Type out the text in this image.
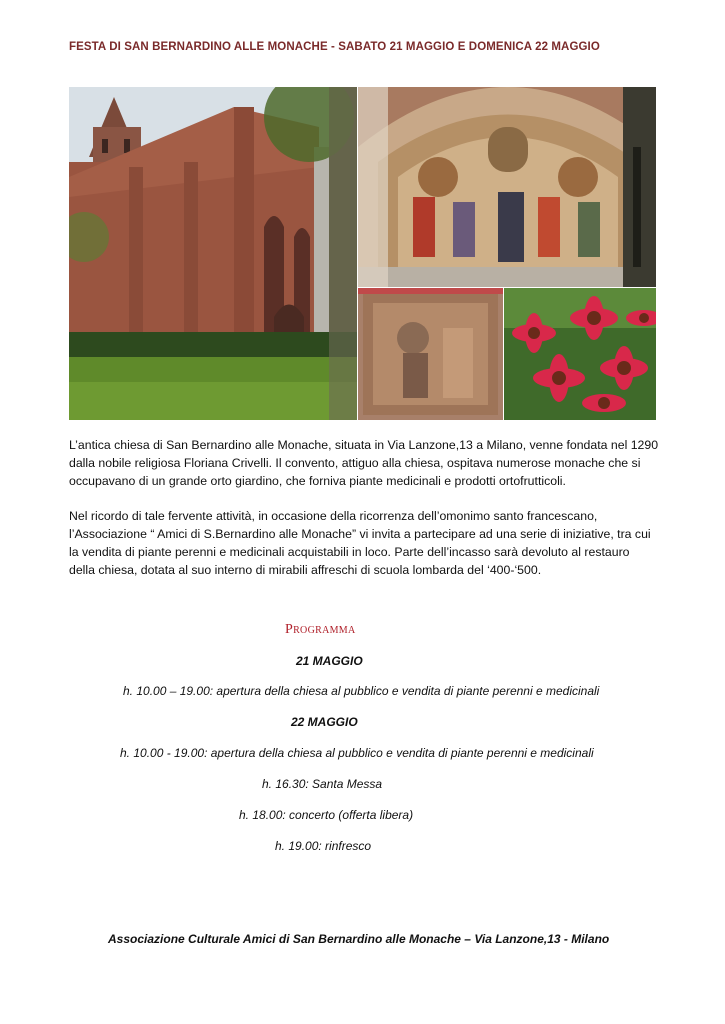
FESTA DI SAN BERNARDINO ALLE MONACHE - SABATO 21 MAGGIO E DOMENICA 22 MAGGIO

L’antica chiesa di San Bernardino alle Monache, situata in Via Lanzone,13 a Milano, venne fondata nel 1290
dalla nobile religiosa Floriana Crivelli. Il convento, attiguo alla chiesa, ospitava numerose monache che si
occupavano di un grande orto giardino, che forniva piante medicinali e prodotti ortofrutticoli.

Nel ricordo di tale fervente attività, in occasione della ricorrenza dell’omonimo santo francescano,
l’Associazione “ Amici di S.Bernardino alle Monache” vi invita a partecipare ad una serie di iniziative, tra cui
la vendita di piante perenni e medicinali acquistabili in loco. Parte dell’incasso sarà devoluto al restauro
della chiesa, dotata al suo interno di mirabili affreschi di scuola lombarda del ‘400-‘500.

Programma
21 MAGGIO
h. 10.00 – 19.00: apertura della chiesa al pubblico e vendita di piante perenni e medicinali
22 MAGGIO
h. 10.00 - 19.00: apertura della chiesa al pubblico e vendita di piante perenni e medicinali
h. 16.30: Santa Messa
h. 18.00: concerto (offerta libera)
h. 19.00: rinfresco
Associazione Culturale Amici di San Bernardino alle Monache – Via Lanzone,13 - Milano
